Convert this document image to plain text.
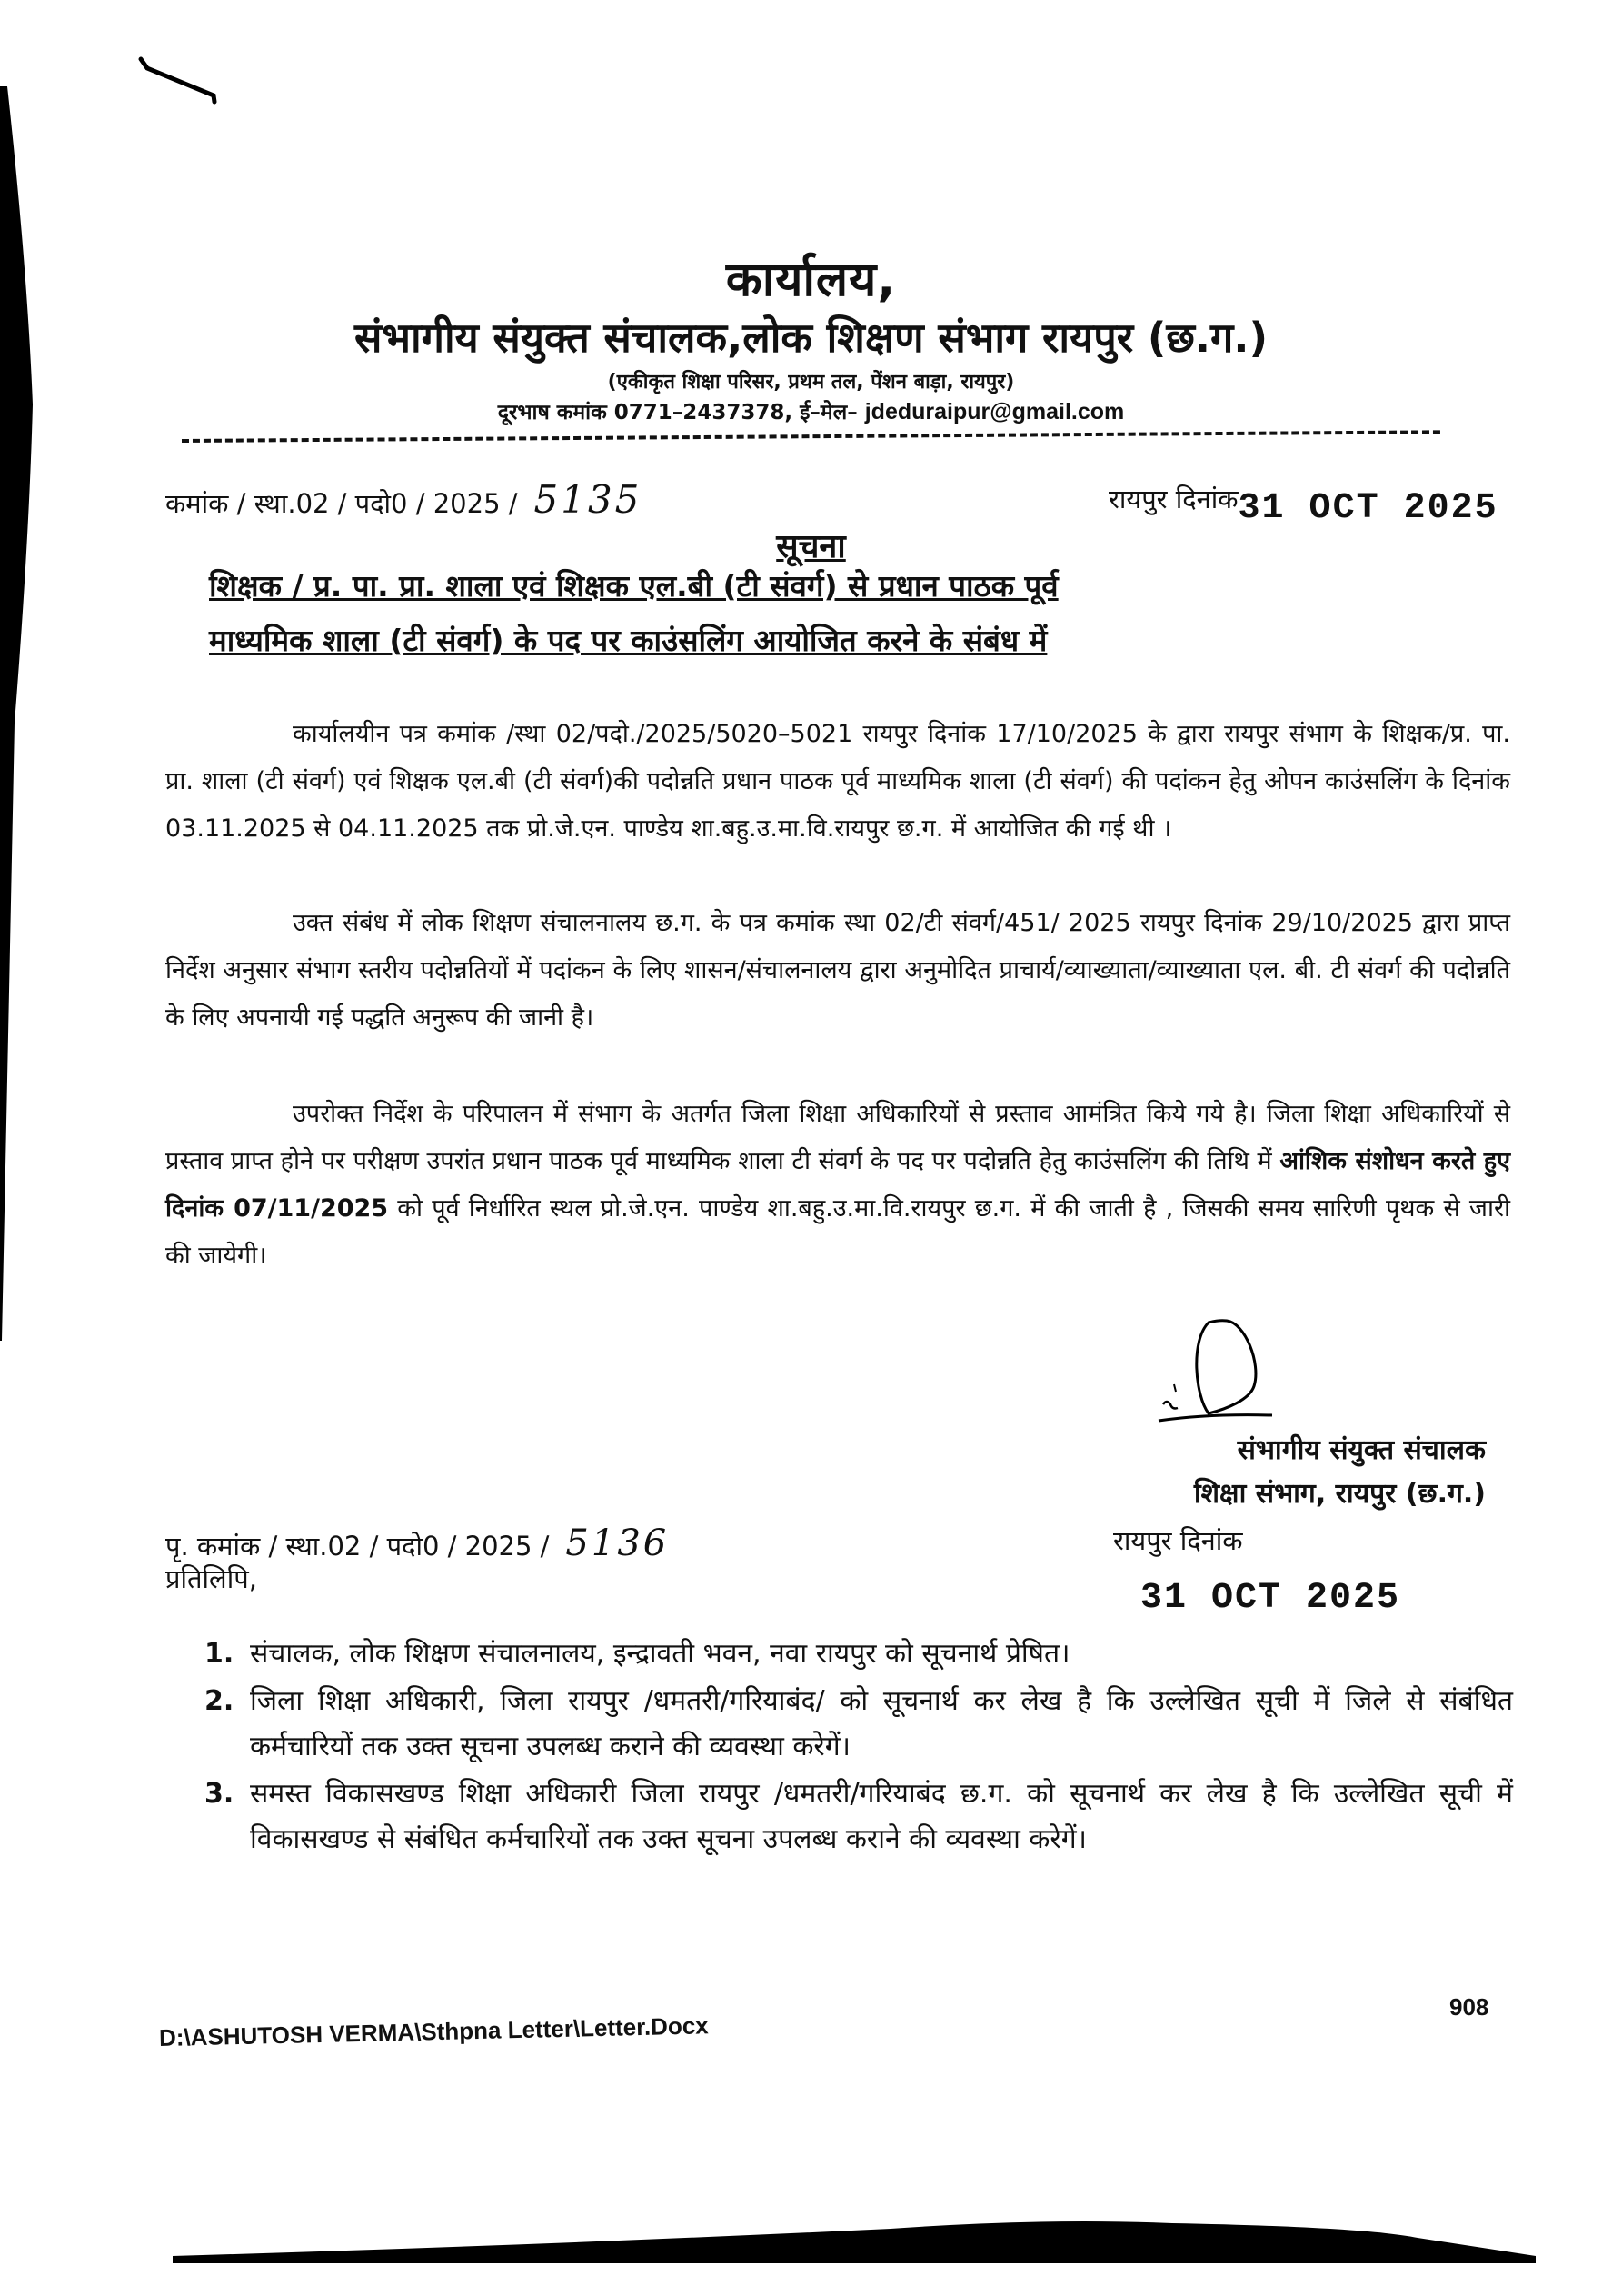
कार्यालय,
संभागीय संयुक्त संचालक,लोक शिक्षण संभाग रायपुर (छ.ग.)
(एकीकृत शिक्षा परिसर, प्रथम तल, पेंशन बाड़ा, रायपुर)
दूरभाष कमांक 0771–2437378, ई–मेल– jdeduraipur@gmail.com
कमांक / स्था.02 / पदो0 / 2025 / 5135	रायपुर दिनांक31 OCT 2025
सूचना
शिक्षक / प्र. पा. प्रा. शाला एवं शिक्षक एल.बी (टी संवर्ग) से प्रधान पाठक पूर्व
माध्यमिक शाला (टी संवर्ग) के पद पर काउंसलिंग आयोजित करने के संबंध में
कार्यालयीन पत्र कमांक /स्था 02/पदो./2025/5020–5021 रायपुर दिनांक 17/10/2025 के द्वारा रायपुर संभाग के शिक्षक/प्र. पा. प्रा. शाला (टी संवर्ग) एवं शिक्षक एल.बी (टी संवर्ग)की पदोन्नति प्रधान पाठक पूर्व माध्यमिक शाला (टी संवर्ग) की पदांकन हेतु ओपन काउंसलिंग के दिनांक 03.11.2025 से 04.11.2025 तक प्रो.जे.एन. पाण्डेय शा.बहु.उ.मा.वि.रायपुर छ.ग. में आयोजित की गई थी ।
उक्त संबंध में लोक शिक्षण संचालनालय छ.ग. के पत्र कमांक स्था 02/टी संवर्ग/451/ 2025 रायपुर दिनांक 29/10/2025 द्वारा प्राप्त निर्देश अनुसार संभाग स्तरीय पदोन्नतियों में पदांकन के लिए शासन/संचालनालय द्वारा अनुमोदित प्राचार्य/व्याख्याता/व्याख्याता एल. बी. टी संवर्ग की पदोन्नति के लिए अपनायी गई पद्धति अनुरूप की जानी है।
उपरोक्त निर्देश के परिपालन में संभाग के अतर्गत जिला शिक्षा अधिकारियों से प्रस्ताव आमंत्रित किये गये है। जिला शिक्षा अधिकारियों से प्रस्ताव प्राप्त होने पर परीक्षण उपरांत प्रधान पाठक पूर्व माध्यमिक शाला टी संवर्ग के पद पर पदोन्नति हेतु काउंसलिंग की तिथि में आंशिक संशोधन करते हुए दिनांक 07/11/2025 को पूर्व निर्धारित स्थल प्रो.जे.एन. पाण्डेय शा.बहु.उ.मा.वि.रायपुर छ.ग. में की जाती है , जिसकी समय सारिणी पृथक से जारी की जायेगी।
संभागीय संयुक्त संचालक
शिक्षा संभाग, रायपुर (छ.ग.)
पृ. कमांक / स्था.02 / पदो0 / 2025 / 5136
प्रतिलिपि,
रायपुर दिनांक
31 OCT 2025
1. संचालक, लोक शिक्षण संचालनालय, इन्द्रावती भवन, नवा रायपुर को सूचनार्थ प्रेषित।
2. जिला शिक्षा अधिकारी, जिला रायपुर /धमतरी/गरियाबंद/ को सूचनार्थ कर लेख है कि उल्लेखित सूची में जिले से संबंधित कर्मचारियों तक उक्त सूचना उपलब्ध कराने की व्यवस्था करेगें।
3. समस्त विकासखण्ड शिक्षा अधिकारी जिला रायपुर /धमतरी/गरियाबंद छ.ग. को सूचनार्थ कर लेख है कि उल्लेखित सूची में विकासखण्ड से संबंधित कर्मचारियों तक उक्त सूचना उपलब्ध कराने की व्यवस्था करेगें।
908
D:\ASHUTOSH VERMA\Sthpna Letter\Letter.Docx
